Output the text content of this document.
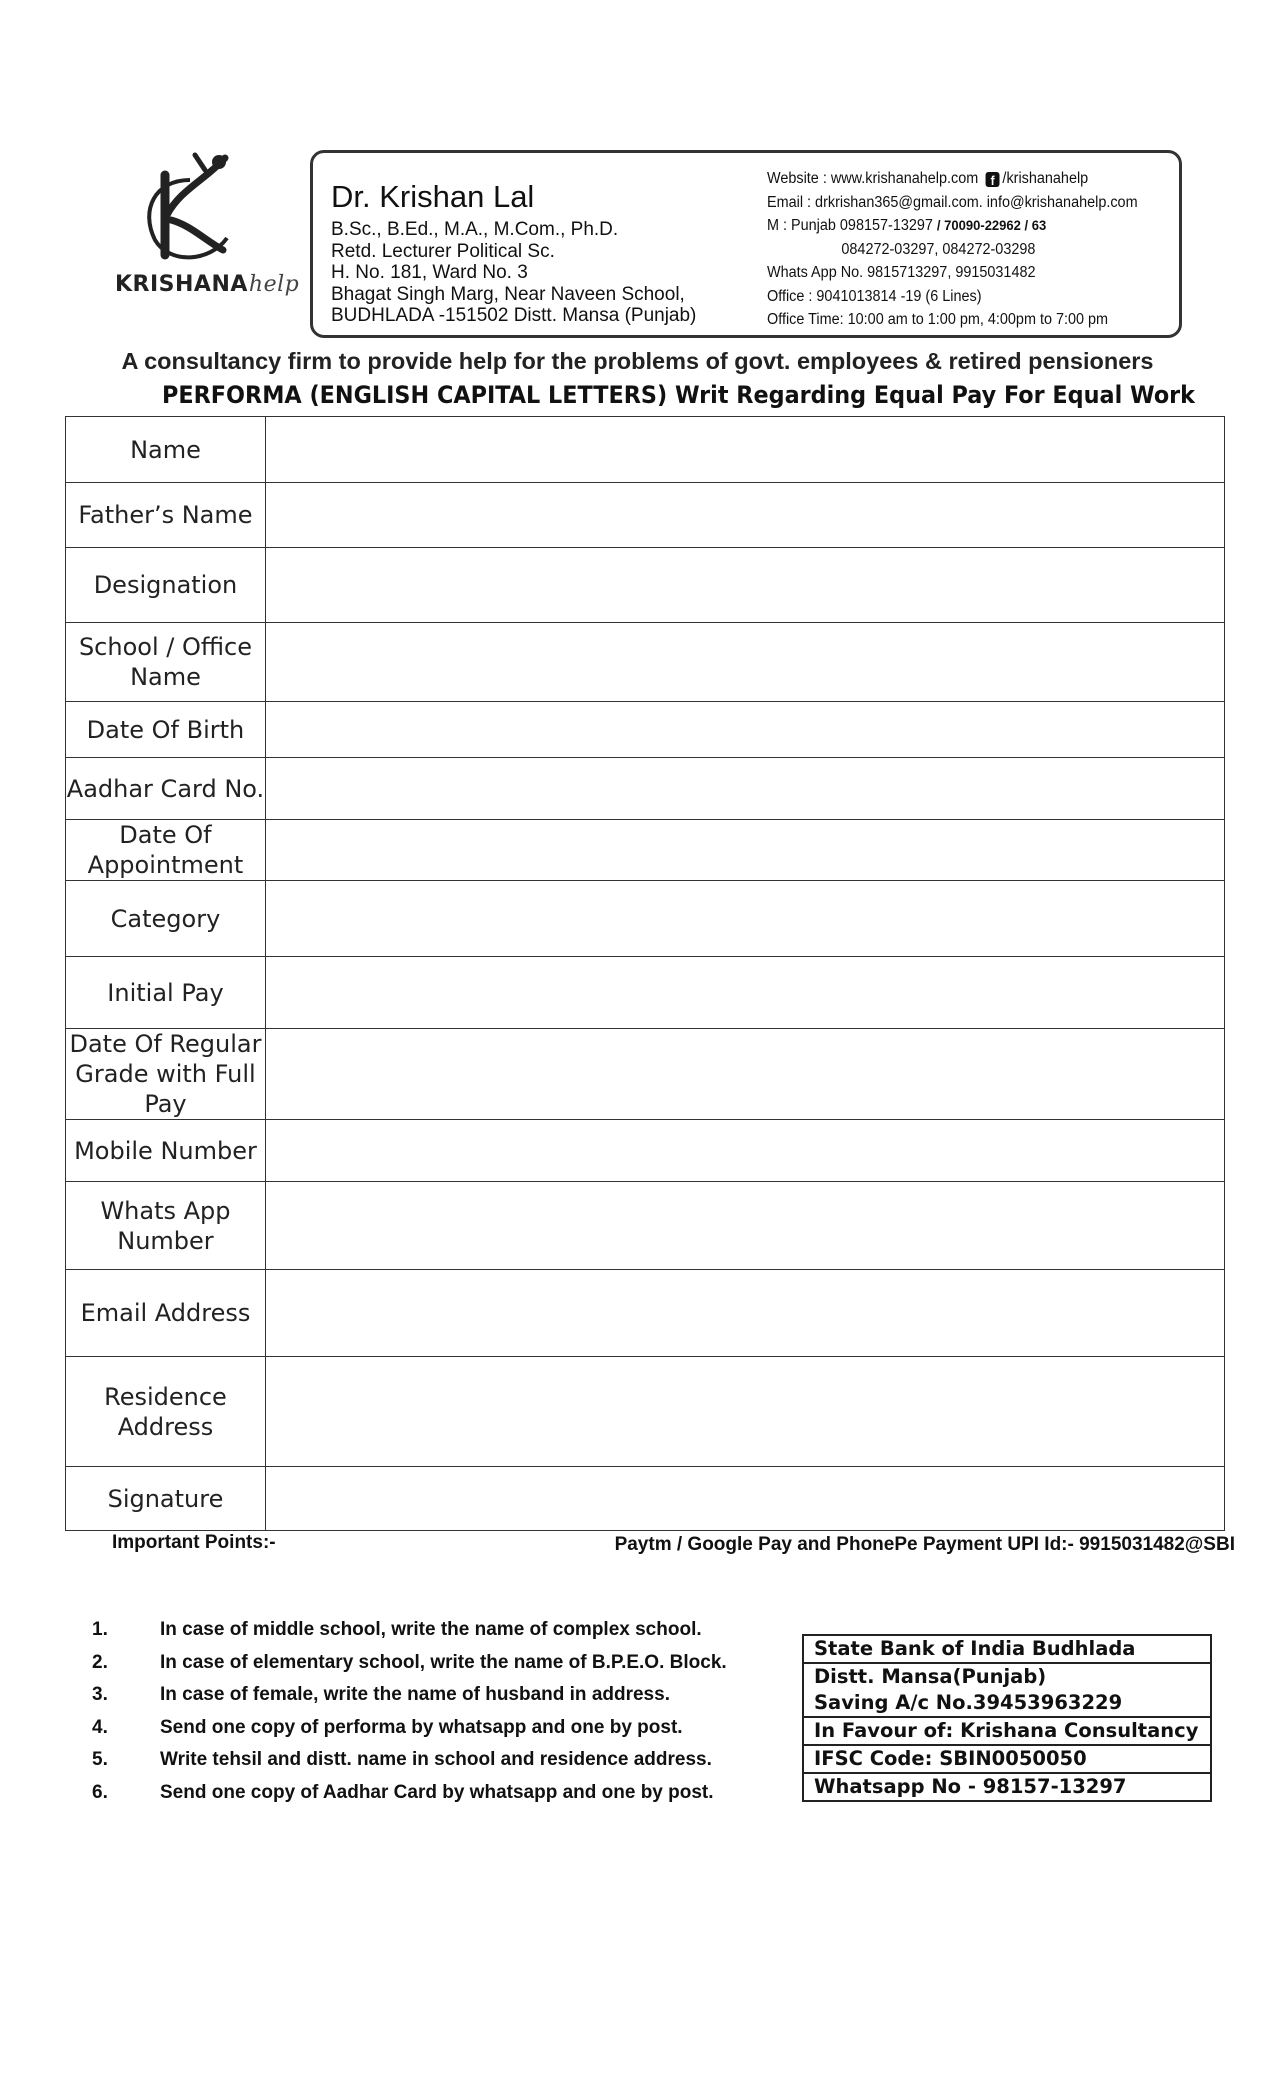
KRISHANAhelp
Dr. Krishan Lal
B.Sc., B.Ed., M.A., M.Com., Ph.D.
Retd. Lecturer Political Sc.
H. No. 181, Ward No. 3
Bhagat Singh Marg, Near Naveen School,
BUDHLADA -151502 Distt. Mansa (Punjab)
Website : www.krishanahelp.com f /krishanahelp
Email : drkrishan365@gmail.com. info@krishanahelp.com
M : Punjab 098157-13297 / 70090-22962 / 63
084272-03297, 084272-03298
Whats App No. 9815713297, 9915031482
Office : 9041013814 -19 (6 Lines)
Office Time: 10:00 am to 1:00 pm, 4:00pm to 7:00 pm
A consultancy firm to provide help for the problems of govt. employees & retired pensioners
PERFORMA (ENGLISH CAPITAL LETTERS) Writ Regarding Equal Pay For Equal Work
Name	
Father’s Name	
Designation	
School / Office Name	
Date Of Birth	
Aadhar Card No.	
Date Of Appointment	
Category	
Initial Pay	
Date Of Regular Grade with Full Pay	
Mobile Number	
Whats App Number	
Email Address	
Residence Address	
Signature	
Important Points:-	Paytm / Google Pay and PhonePe Payment UPI Id:- 9915031482@SBI
1.	In case of middle school, write the name of complex school.
2.	In case of elementary school, write the name of B.P.E.O. Block.
3.	In case of female, write the name of husband in address.
4.	Send one copy of performa by whatsapp and one by post.
5.	Write tehsil and distt. name in school and residence address.
6.	Send one copy of Aadhar Card by whatsapp and one by post.
State Bank of India Budhlada

Distt. Mansa(Punjab)
Saving A/c No.39453963229

In Favour of: Krishana Consultancy
IFSC Code: SBIN0050050
Whatsapp No - 98157-13297
